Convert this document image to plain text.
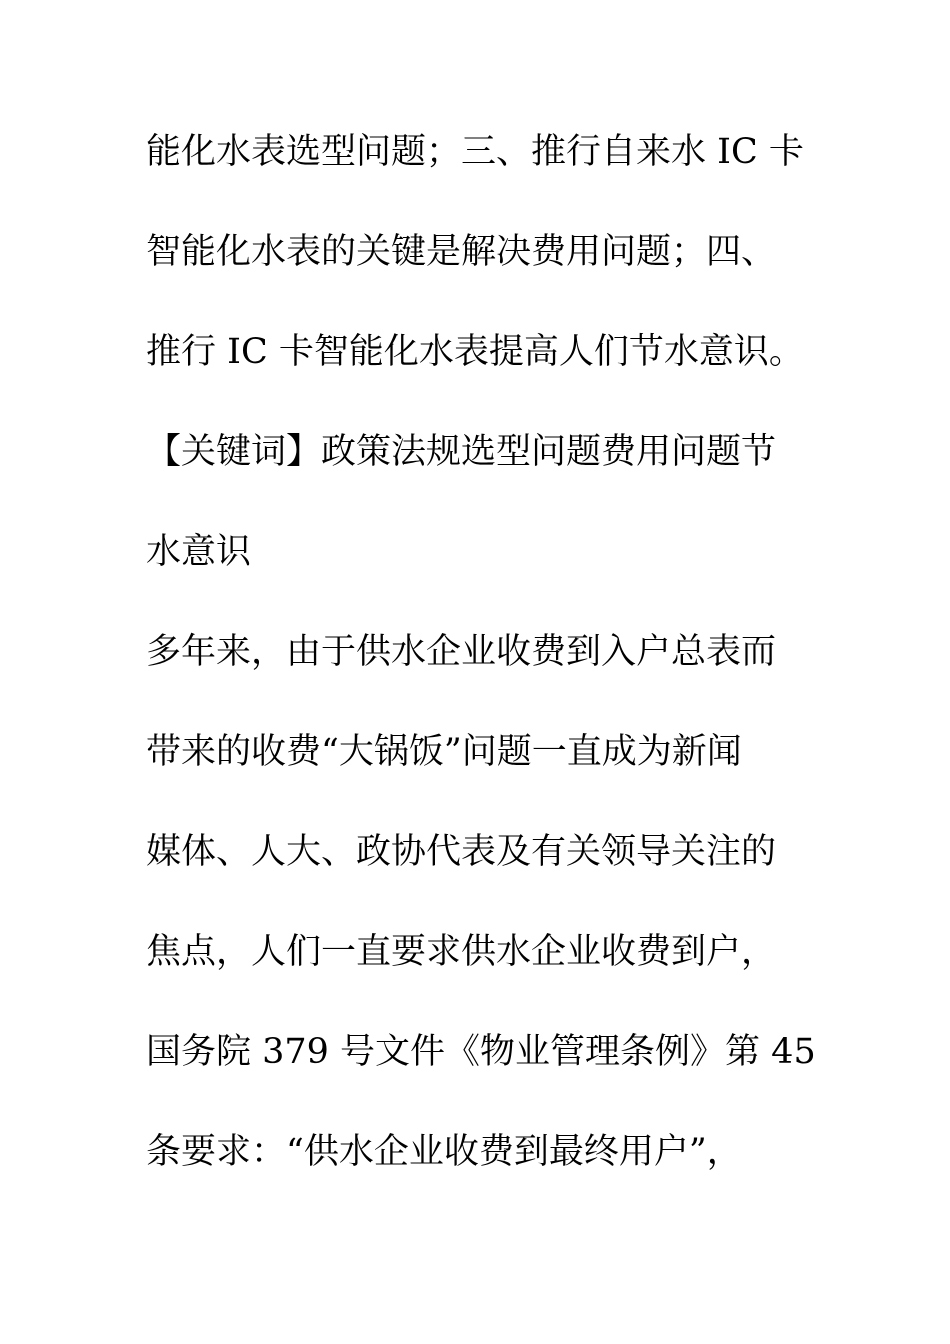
能化水表选型问题；三、推行自来水 IC 卡
智能化水表的关键是解决费用问题；四、
推行 IC 卡智能化水表提高人们节水意识。
【关键词】政策法规选型问题费用问题节
水意识
多年来，由于供水企业收费到入户总表而
带来的收费“大锅饭”问题一直成为新闻
媒体、人大、政协代表及有关领导关注的
焦点，人们一直要求供水企业收费到户，
国务院 379 号文件《物业管理条例》第 45
条要求：“供水企业收费到最终用户”，
